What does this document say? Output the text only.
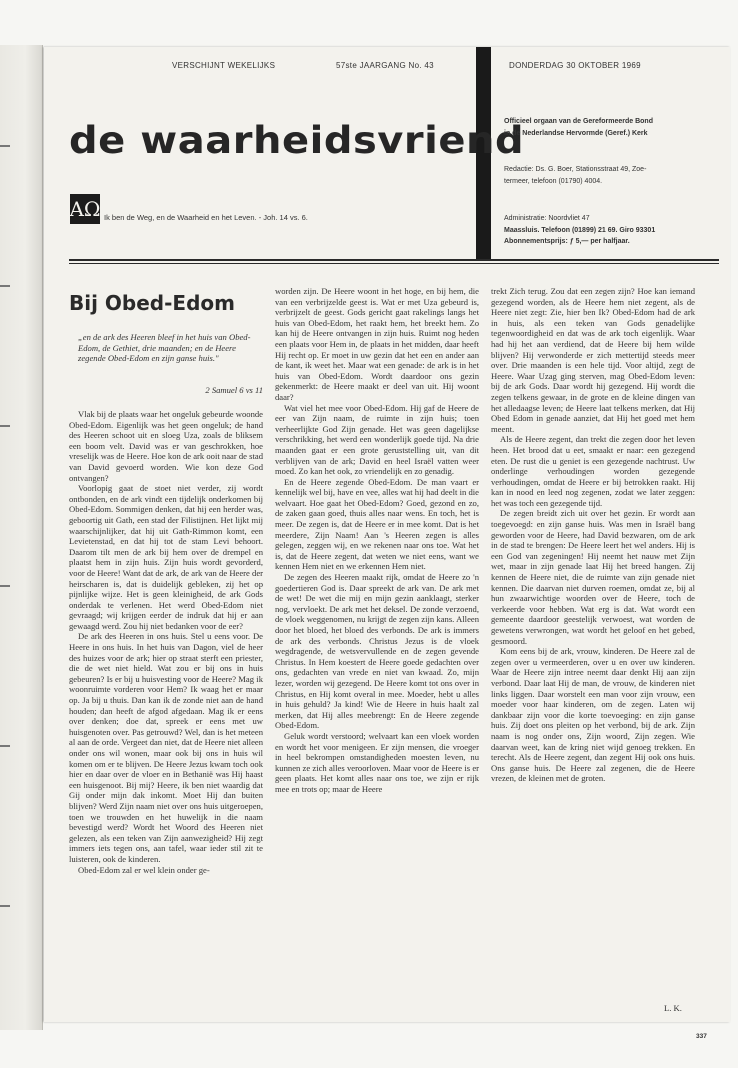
VERSCHIJNT WEKELIJKS	57ste JAARGANG No. 43	DONDERDAG 30 OKTOBER 1969
de waarheidsvriend
AΩ Ik ben de Weg, en de Waarheid en het Leven. - Joh. 14 vs. 6.
Officieel orgaan van de Gereformeerde Bond
in de Nederlandse Hervormde (Geref.) Kerk
Redactie: Ds. G. Boer, Stationsstraat 49, Zoe-
termeer, telefoon (01790) 4004.
Administratie: Noordvliet 47
Maassluis. Telefoon (01899) 21 69. Giro 93301
Abonnementsprijs: ƒ 5,— per halfjaar.
Bij Obed-Edom
„en de ark des Heeren bleef in het huis van Obed-Edom, de Gethiet, drie maanden; en de Heere zegende Obed-Edom en zijn ganse huis."
2 Samuel 6 vs 11

Vlak bij de plaats waar het ongeluk gebeurde woonde Obed-Edom. Eigenlijk was het geen ongeluk; de hand des Heeren schoot uit en sloeg Uza, zoals de bliksem een boom velt. David was er van geschrokken, hoe vreselijk was de Heere. Hoe kon de ark ooit naar de stad van David gevoerd worden. Wie kon deze God ontvangen?

Voorlopig gaat de stoet niet verder, zij wordt ontbonden, en de ark vindt een tijdelijk onderkomen bij Obed-Edom. Sommigen denken, dat hij een herder was, geboortig uit Gath, een stad der Filistijnen. Het lijkt mij waarschijnlijker, dat hij uit Gath-Rimmon komt, een Levietenstad, en dat hij tot de stam Levi behoort. Daarom tilt men de ark bij hem over de drempel en plaatst hem in zijn huis. Zijn huis wordt gevorderd, voor de Heere! Want dat de ark, de ark van de Heere der heirscharen is, dat is duidelijk gebleken, zij het op pijnlijke wijze. Het is geen kleinigheid, de ark Gods onderdak te verlenen. Het werd Obed-Edom niet gevraagd; wij krijgen eerder de indruk dat hij er aan gewaagd werd. Zou hij niet bedanken voor de eer?

De ark des Heeren in ons huis. Stel u eens voor. De Heere in ons huis. In het huis van Dagon, viel de heer des huizes voor de ark; hier op straat sterft een priester, die de wet niet hield. Wat zou er bij ons in huis gebeuren? Is er bij u huisvesting voor de Heere? Mag ik woonruimte vorderen voor Hem? Ik waag het er maar op. Ja bij u thuis. Dan kan ik de zonde niet aan de hand houden; dan heeft de afgod afgedaan. Mag ik er eens over denken; doe dat, spreek er eens met uw huisgenoten over. Pas getrouwd? Wel, dan is het meteen al aan de orde. Vergeet dan niet, dat de Heere niet alleen onder ons wil wonen, maar ook bij ons in huis wil komen om er te blijven. De Heere Jezus kwam toch ook hier en daar over de vloer en in Bethanië was Hij haast een huisgenoot. Bij mij? Heere, ik ben niet waardig dat Gij onder mijn dak inkomt. Moet Hij dan buiten blijven? Werd Zijn naam niet over ons huis uitgeroepen, toen we trouwden en het huwelijk in die naam bevestigd werd? Wordt het Woord des Heeren niet gelezen, als een teken van Zijn aanwezigheid? Hij zegt immers iets tegen ons, aan tafel, waar ieder stil zit te luisteren, ook de kinderen.

Obed-Edom zal er wel klein onder ge-

worden zijn. De Heere woont in het hoge, en bij hem, die van een verbrijzelde geest is. Wat er met Uza gebeurd is, verbrijzelt de geest. Gods gericht gaat rakelings langs het huis van Obed-Edom, het raakt hem, het breekt hem. Zo kan hij de Heere ontvangen in zijn huis. Ruimt nog heden een plaats voor Hem in, de plaats in het midden, daar heeft Hij recht op. Er moet in uw gezin dat het een en ander aan de kant, ik weet het. Maar wat een genade: de ark is in het huis van Obed-Edom. Wordt daardoor ons gezin gekenmerkt: de Heere maakt er deel van uit. Hij woont daar?

Wat viel het mee voor Obed-Edom. Hij gaf de Heere de eer van Zijn naam, de ruimte in zijn huis; toen verheerlijkte God Zijn genade. Het was geen dagelijkse verschrikking, het werd een wonderlijk goede tijd. Na drie maanden gaat er een grote geruststelling uit, van dit verblijven van de ark; David en heel Israël vatten weer moed. Zo kan het ook, zo vriendelijk en zo genadig.

En de Heere zegende Obed-Edom. De man vaart er kennelijk wel bij, have en vee, alles wat hij had deelt in die welvaart. Hoe gaat het Obed-Edom? Goed, gezond en zo, de zaken gaan goed, thuis alles naar wens. En toch, het is meer. De zegen is, dat de Heere er in mee komt. Dat is het meerdere, Zijn Naam! Aan 's Heeren zegen is alles gelegen, zeggen wij, en we rekenen naar ons toe. Wat het is, dat de Heere zegent, dat weten we niet eens, want we kennen Hem niet en we erkennen Hem niet.

De zegen des Heeren maakt rijk, omdat de Heere zo 'n goedertieren God is. Daar spreekt de ark van. De ark met de wet! De wet die mij en mijn gezin aanklaagt, sterker nog, vervloekt. De ark met het deksel. De zonde verzoend, de vloek weggenomen, nu krijgt de zegen zijn kans. Alleen door het bloed, het bloed des verbonds. De ark is immers de ark des verbonds. Christus Jezus is de vloek wegdragende, de wetsvervullende en de zegen gevende Christus. In Hem koestert de Heere goede gedachten over ons, gedachten van vrede en niet van kwaad. Zo, mijn lezer, worden wij gezegend. De Heere komt tot ons over in Christus, en Hij komt overal in mee. Moeder, hebt u alles in huis gehuld? Ja kind! Wie de Heere in huis haalt zal merken, dat Hij alles meebrengt: En de Heere zegende Obed-Edom.

Geluk wordt verstoord; welvaart kan een vloek worden en wordt het voor menigeen. Er zijn mensen, die vroeger in heel bekrompen omstandigheden moesten leven, nu kunnen ze zich alles veroorloven. Maar voor de Heere is er geen plaats. Het komt alles naar ons toe, we zijn er rijk mee en trots op; maar de Heere

trekt Zich terug. Zou dat een zegen zijn? Hoe kan iemand gezegend worden, als de Heere hem niet zegent, als de Heere niet zegt: Zie, hier ben Ik? Obed-Edom had de ark in huis, als een teken van Gods genadelijke tegenwoordigheid en dat was de ark toch eigenlijk. Waar had hij het aan verdiend, dat de Heere bij hem wilde blijven? Hij verwonderde er zich mettertijd steeds meer over. Drie maanden is een hele tijd. Voor altijd, zegt de Heere. Waar Uzag ging sterven, mag Obed-Edom leven: bij de ark Gods. Daar wordt hij gezegend. Hij wordt die zegen telkens gewaar, in de grote en de kleine dingen van het alledaagse leven; de Heere laat telkens merken, dat Hij Obed Edom in genade aanziet, dat Hij het goed met hem meent.

Als de Heere zegent, dan trekt die zegen door het leven heen. Het brood dat u eet, smaakt er naar: een gezegend eten. De rust die u geniet is een gezegende nachtrust. Uw onderlinge verhoudingen worden gezegende verhoudingen, omdat de Heere er bij betrokken raakt. Hij kan in nood en leed nog zegenen, zodat we later zeggen: het was toch een gezegende tijd.

De zegen breidt zich uit over het gezin. Er wordt aan toegevoegd: en zijn ganse huis. Was men in Israël bang geworden voor de Heere, had David bezwaren, om de ark in de stad te brengen: De Heere leert het wel anders. Hij is een God van zegeningen! Hij neemt het nauw met Zijn wet, maar in zijn genade laat Hij het breed hangen. Zij kennen de Heere niet, die de ruimte van zijn genade niet kennen. Die daarvan niet durven roemen, omdat ze, bij al hun zwaarwichtige woorden over de Heere, toch de verkeerde voor hebben. Wat erg is dat. Wat wordt een gemeente daardoor geestelijk verwoest, wat worden de gewetens verwrongen, wat wordt het geloof en het gebed, gesmoord.

Kom eens bij de ark, vrouw, kinderen. De Heere zal de zegen over u vermeerderen, over u en over uw kinderen. Waar de Heere zijn intree neemt daar denkt Hij aan zijn verbond. Daar laat Hij de man, de vrouw, de kinderen niet links liggen. Daar worstelt een man voor zijn vrouw, een moeder voor haar kinderen, om de zegen. Laten wij dankbaar zijn voor die korte toevoeging: en zijn ganse huis. Zij doet ons pleiten op het verbond, bij de ark. Zijn naam is nog onder ons, Zijn woord, Zijn zegen. Wie daarvan weet, kan de kring niet wijd genoeg trekken. En terecht. Als de Heere zegent, dan zegent Hij ook ons huis. Ons ganse huis. De Heere zal zegenen, die de Heere vrezen, de kleinen met de groten.

L. K.
337
